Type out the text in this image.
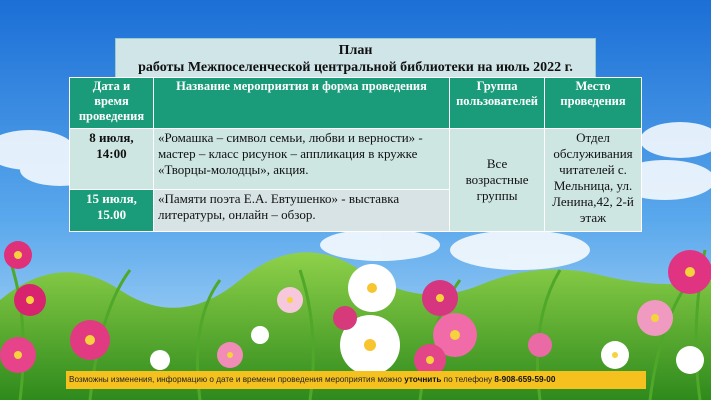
План
работы Межпоселенческой центральной библиотеки на июль 2022 г.
Дата и время проведения	Название мероприятия и форма проведения	Группа пользователей	Место проведения
8 июля, 14:00	«Ромашка – символ семьи, любви и верности» - мастер – класс рисунок – аппликация в кружке «Творцы-молодцы», акция.	Все возрастные группы	Отдел обслуживания читателей с. Мельница, ул. Ленина,42, 2-й этаж
15 июля, 15.00	«Памяти поэта Е.А. Евтушенко» - выставка литературы, онлайн – обзор.		
Возможны изменения, информацию о дате и времени проведения мероприятия можно уточнить по телефону 8-908-659-59-00
